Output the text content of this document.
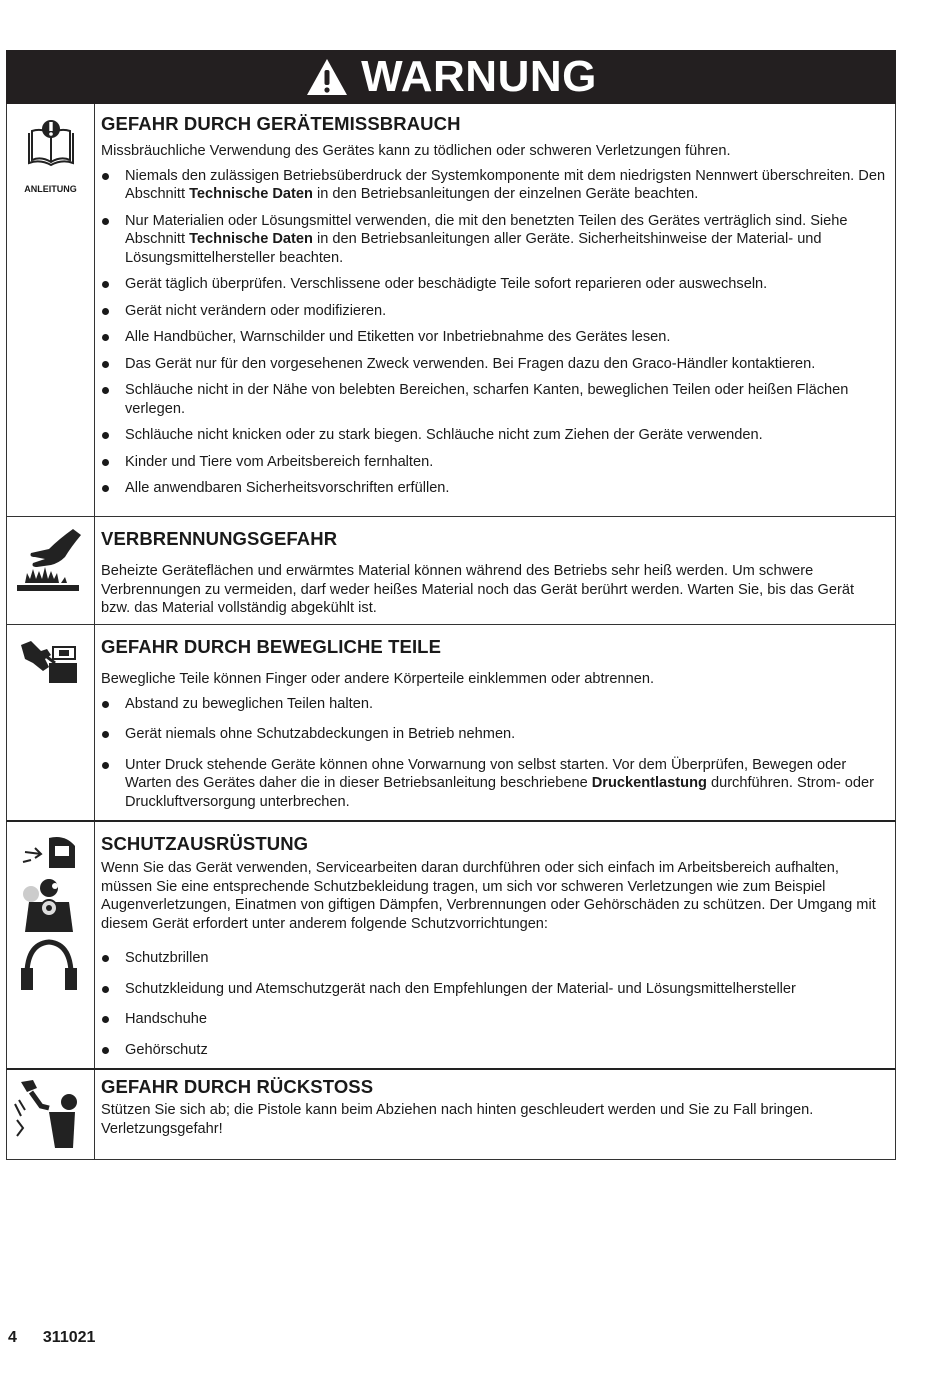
WARNUNG
ANLEITUNG
GEFAHR DURCH GERÄTEMISSBRAUCH

Missbräuchliche Verwendung des Gerätes kann zu tödlichen oder schweren Verletzungen führen.

Niemals den zulässigen Betriebsüberdruck der Systemkomponente mit dem niedrigsten Nennwert überschreiten. Den Abschnitt Technische Daten in den Betriebsanleitungen der einzelnen Geräte beachten.
Nur Materialien oder Lösungsmittel verwenden, die mit den benetzten Teilen des Gerätes verträglich sind. Siehe Abschnitt Technische Daten in den Betriebsanleitungen aller Geräte. Sicherheitshinweise der Material- und Lösungsmittelhersteller beachten.
Gerät täglich überprüfen. Verschlissene oder beschädigte Teile sofort reparieren oder auswechseln.
Gerät nicht verändern oder modifizieren.
Alle Handbücher, Warnschilder und Etiketten vor Inbetriebnahme des Gerätes lesen.
Das Gerät nur für den vorgesehenen Zweck verwenden. Bei Fragen dazu den Graco-Händler kontaktieren.
Schläuche nicht in der Nähe von belebten Bereichen, scharfen Kanten, beweglichen Teilen oder heißen Flächen verlegen.
Schläuche nicht knicken oder zu stark biegen. Schläuche nicht zum Ziehen der Geräte verwenden.
Kinder und Tiere vom Arbeitsbereich fernhalten.
Alle anwendbaren Sicherheitsvorschriften erfüllen.
VERBRENNUNGSGEFAHR

Beheizte Geräteflächen und erwärmtes Material können während des Betriebs sehr heiß werden. Um schwere Verbrennungen zu vermeiden, darf weder heißes Material noch das Gerät berührt werden. Warten Sie, bis das Gerät bzw. das Material vollständig abgekühlt ist.

GEFAHR DURCH BEWEGLICHE TEILE

Bewegliche Teile können Finger oder andere Körperteile einklemmen oder abtrennen.

Abstand zu beweglichen Teilen halten.
Gerät niemals ohne Schutzabdeckungen in Betrieb nehmen.
Unter Druck stehende Geräte können ohne Vorwarnung von selbst starten. Vor dem Überprüfen, Bewegen oder Warten des Gerätes daher die in dieser Betriebsanleitung beschriebene Druckentlastung durchführen. Strom- oder Druckluftversorgung unterbrechen.
SCHUTZAUSRÜSTUNG

Wenn Sie das Gerät verwenden, Servicearbeiten daran durchführen oder sich einfach im Arbeitsbereich aufhalten, müssen Sie eine entsprechende Schutzbekleidung tragen, um sich vor schweren Verletzungen wie zum Beispiel Augenverletzungen, Einatmen von giftigen Dämpfen, Verbrennungen oder Gehörschäden zu schützen. Der Umgang mit diesem Gerät erfordert unter anderem folgende Schutzvorrichtungen:

Schutzbrillen
Schutzkleidung und Atemschutzgerät nach den Empfehlungen der Material- und Lösungsmittelhersteller
Handschuhe
Gehörschutz
GEFAHR DURCH RÜCKSTOSS

Stützen Sie sich ab; die Pistole kann beim Abziehen nach hinten geschleudert werden und Sie zu Fall bringen. Verletzungsgefahr!

4 311021
